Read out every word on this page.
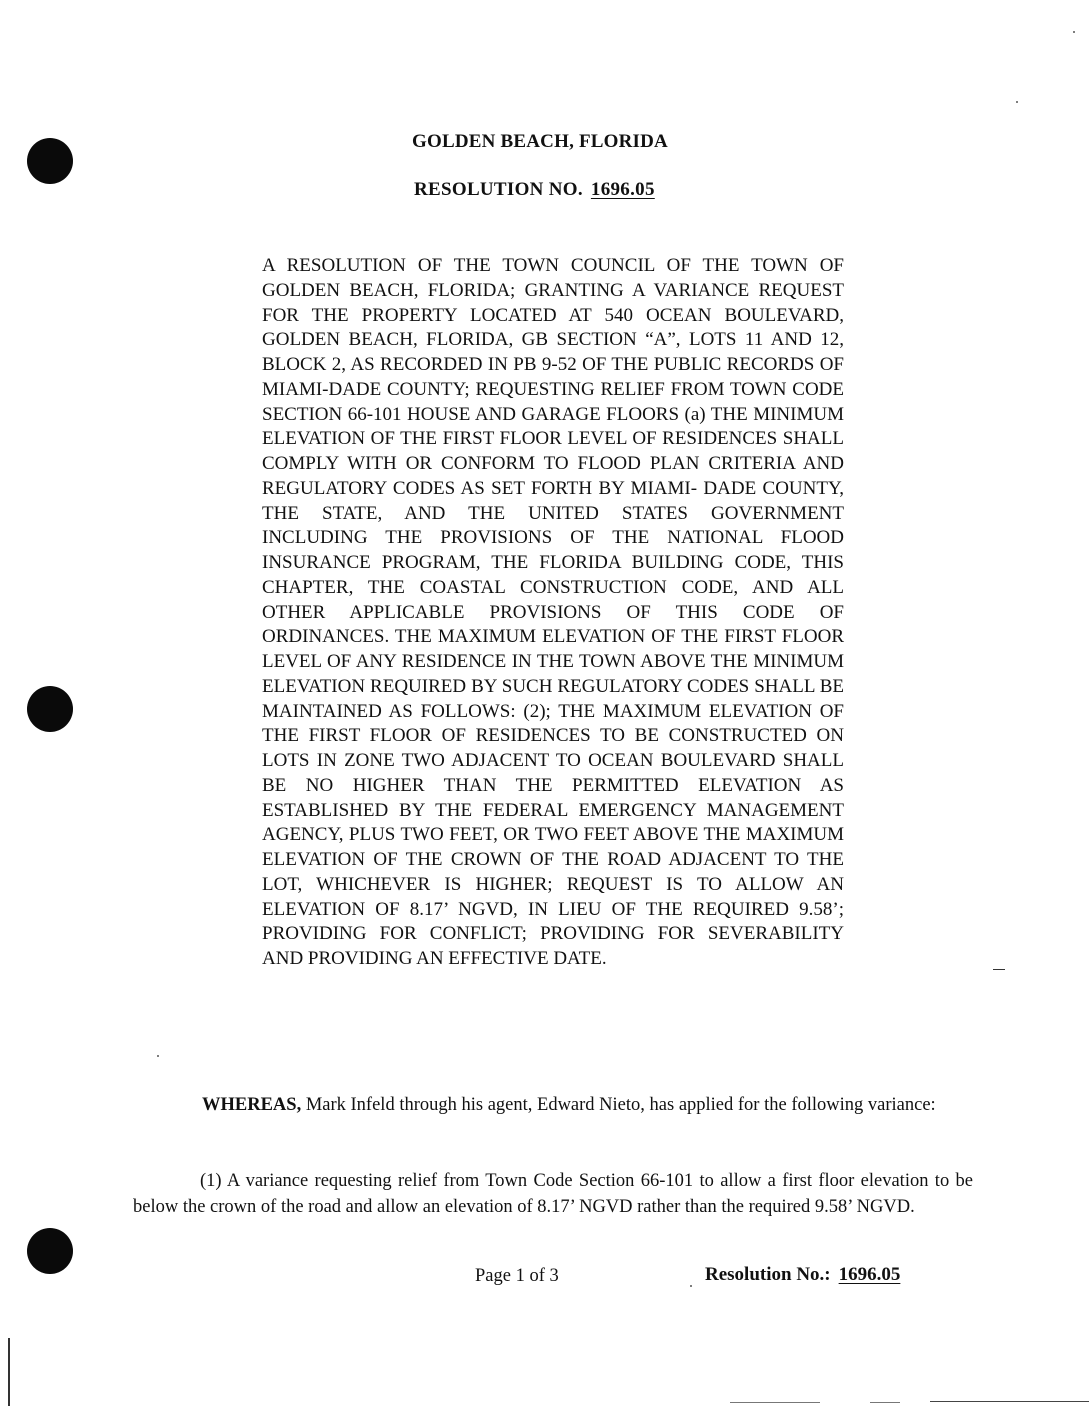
GOLDEN BEACH, FLORIDA
RESOLUTION NO. 1696.05
A RESOLUTION OF THE TOWN COUNCIL OF THE TOWN OF GOLDEN BEACH, FLORIDA; GRANTING A VARIANCE REQUEST FOR THE PROPERTY LOCATED AT 540 OCEAN BOULEVARD, GOLDEN BEACH, FLORIDA, GB SECTION “A”, LOTS 11 AND 12, BLOCK 2, AS RECORDED IN PB 9-52 OF THE PUBLIC RECORDS OF MIAMI-DADE COUNTY; REQUESTING RELIEF FROM TOWN CODE SECTION 66-101 HOUSE AND GARAGE FLOORS (a) THE MINIMUM ELEVATION OF THE FIRST FLOOR LEVEL OF RESIDENCES SHALL COMPLY WITH OR CONFORM TO FLOOD PLAN CRITERIA AND REGULATORY CODES AS SET FORTH BY MIAMI- DADE COUNTY, THE STATE, AND THE UNITED STATES GOVERNMENT INCLUDING THE PROVISIONS OF THE NATIONAL FLOOD INSURANCE PROGRAM, THE FLORIDA BUILDING CODE, THIS CHAPTER, THE COASTAL CONSTRUCTION CODE, AND ALL OTHER APPLICABLE PROVISIONS OF THIS CODE OF ORDINANCES. THE MAXIMUM ELEVATION OF THE FIRST FLOOR LEVEL OF ANY RESIDENCE IN THE TOWN ABOVE THE MINIMUM ELEVATION REQUIRED BY SUCH REGULATORY CODES SHALL BE MAINTAINED AS FOLLOWS: (2); THE MAXIMUM ELEVATION OF THE FIRST FLOOR OF RESIDENCES TO BE CONSTRUCTED ON LOTS IN ZONE TWO ADJACENT TO OCEAN BOULEVARD SHALL BE NO HIGHER THAN THE PERMITTED ELEVATION AS ESTABLISHED BY THE FEDERAL EMERGENCY MANAGEMENT AGENCY, PLUS TWO FEET, OR TWO FEET ABOVE THE MAXIMUM ELEVATION OF THE CROWN OF THE ROAD ADJACENT TO THE LOT, WHICHEVER IS HIGHER; REQUEST IS TO ALLOW AN ELEVATION OF 8.17’ NGVD, IN LIEU OF THE REQUIRED 9.58’; PROVIDING FOR CONFLICT; PROVIDING FOR SEVERABILITY AND PROVIDING AN EFFECTIVE DATE.
WHEREAS, Mark Infeld through his agent, Edward Nieto, has applied for the following variance:
(1) A variance requesting relief from Town Code Section 66-101 to allow a first floor elevation to be below the crown of the road and allow an elevation of 8.17’ NGVD rather than the required 9.58’ NGVD.
Page 1 of 3	Resolution No.: 1696.05
